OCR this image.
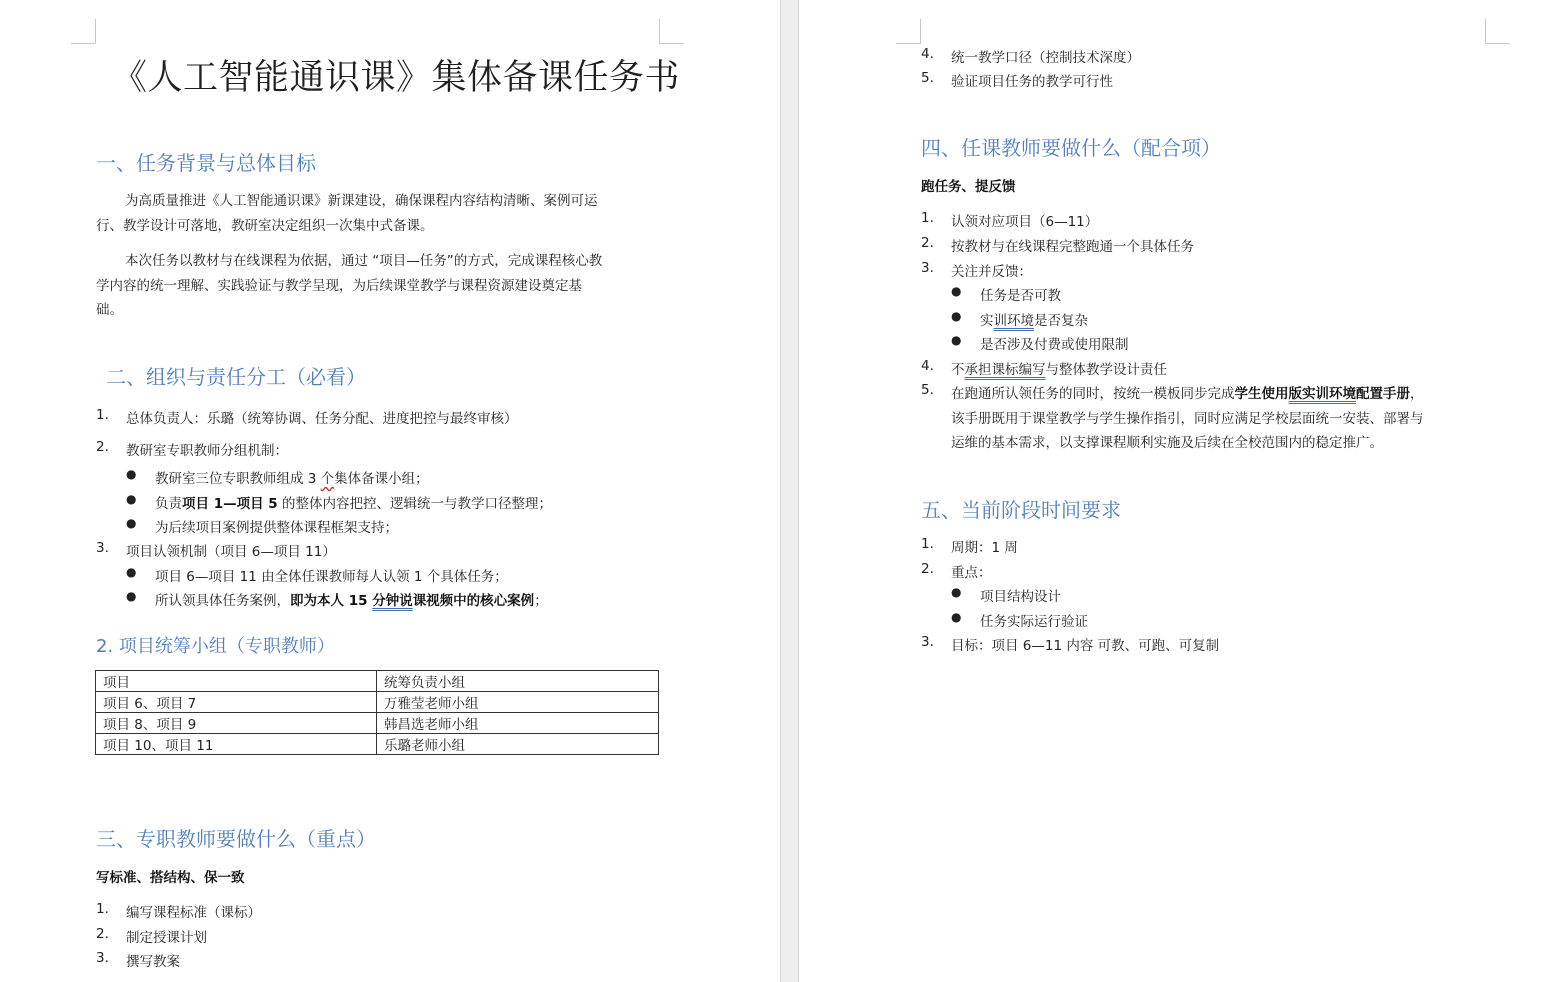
《人工智能通识课》集体备课任务书
一、任务背景与总体目标
为高质量推进《人工智能通识课》新课建设，确保课程内容结构清晰、案例可运
行、教学设计可落地，教研室决定组织一次集中式备课。
本次任务以教材与在线课程为依据，通过 “项目—任务”的方式，完成课程核心教
学内容的统一理解、实践验证与教学呈现，为后续课堂教学与课程资源建设奠定基
础。
二、组织与责任分工（必看）
1. 总体负责人：乐璐（统筹协调、任务分配、进度把控与最终审核）
2. 教研室专职教师分组机制：
● 教研室三位专职教师组成 3 个集体备课小组；
● 负责项目 1—项目 5 的整体内容把控、逻辑统一与教学口径整理；
● 为后续项目案例提供整体课程框架支持；
3. 项目认领机制（项目 6—项目 11）
● 项目 6—项目 11 由全体任课教师每人认领 1 个具体任务；
● 所认领具体任务案例，即为本人 15 分钟说课视频中的核心案例；
2. 项目统筹小组（专职教师）
项目	统筹负责小组
项目 6、项目 7	万雅莹老师小组
项目 8、项目 9	韩昌选老师小组
项目 10、项目 11	乐璐老师小组
三、专职教师要做什么（重点）
写标准、搭结构、保一致
1. 编写课程标准（课标）
2. 制定授课计划
3. 撰写教案
4. 统一教学口径（控制技术深度）
5. 验证项目任务的教学可行性
四、任课教师要做什么（配合项）
跑任务、提反馈
1. 认领对应项目（6—11）
2. 按教材与在线课程完整跑通一个具体任务
3. 关注并反馈：
● 任务是否可教
● 实训环境是否复杂
● 是否涉及付费或使用限制
4. 不承担课标编写与整体教学设计责任
5. 在跑通所认领任务的同时，按统一模板同步完成学生使用版实训环境配置手册，
该手册既用于课堂教学与学生操作指引，同时应满足学校层面统一安装、部署与
运维的基本需求，以支撑课程顺利实施及后续在全校范围内的稳定推广。
五、当前阶段时间要求
1. 周期：1 周
2. 重点：
● 项目结构设计
● 任务实际运行验证
3. 目标：项目 6—11 内容 可教、可跑、可复制
